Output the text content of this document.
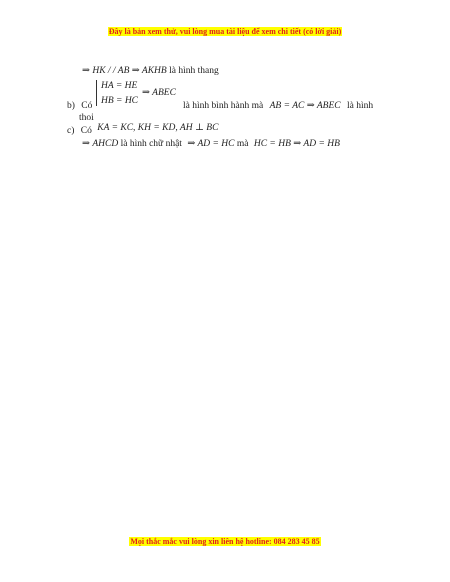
Đây là bản xem thử, vui lòng mua tài liệu để xem chi tiết (có lời giải)
⇒ HK / / AB ⇒ AKHB là hình thang
HA = HE
HB = HC
⇒ ABEC
b) Có	là hình bình hành mà AB = AC ⇒ ABEC là hình
thoi
c) Có KA = KC, KH = KD, AH ⊥ BC
⇒ AHCD là hình chữ nhật ⇒ AD = HC mà HC = HB ⇒ AD = HB
Mọi thắc mắc vui lòng xin liên hệ hotline: 084 283 45 85
